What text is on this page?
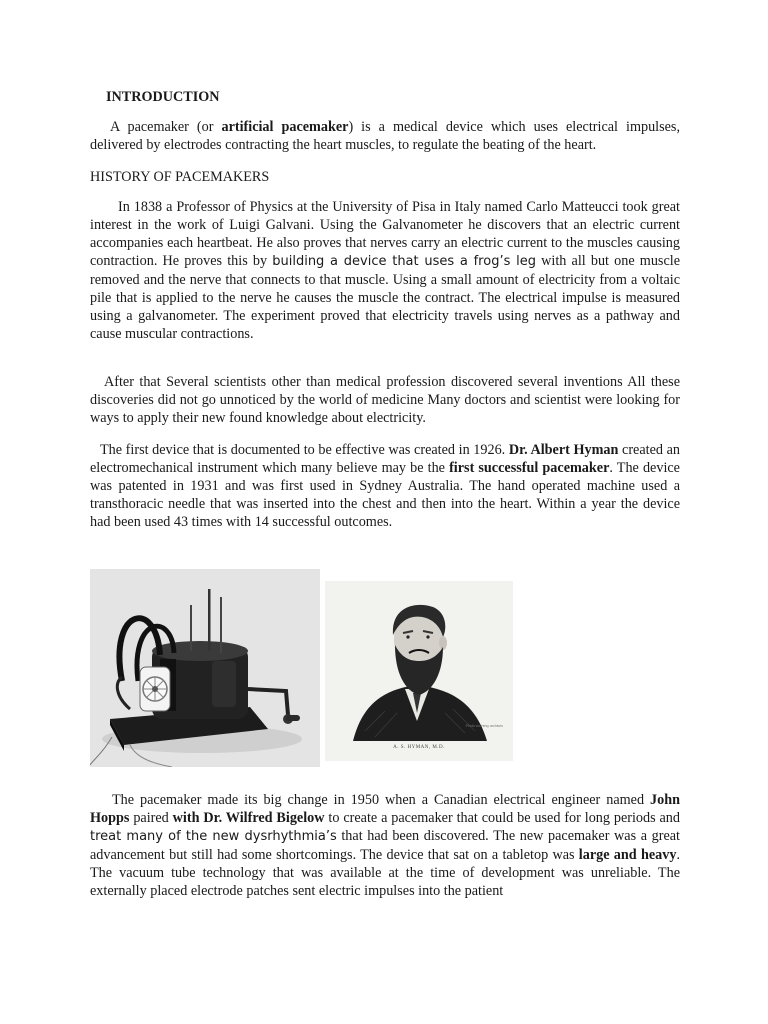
INTRODUCTION

A pacemaker (or artificial pacemaker) is a medical device which uses electrical impulses, delivered by electrodes contracting the heart muscles, to regulate the beating of the heart.

HISTORY OF PACEMAKERS

In 1838 a Professor of Physics at the University of Pisa in Italy named Carlo Matteucci took great interest in the work of Luigi Galvani. Using the Galvanometer he discovers that an electric current accompanies each heartbeat. He also proves that nerves carry an electric current to the muscles causing contraction. He proves this by building a device that uses a frog’s leg with all but one muscle removed and the nerve that connects to that muscle. Using a small amount of electricity from a voltaic pile that is applied to the nerve he causes the muscle the contract. The electrical impulse is measured using a galvanometer. The experiment proved that electricity travels using nerves as a pathway and cause muscular contractions.

After that Several scientists other than medical profession discovered several inventions All these discoveries did not go unnoticed by the world of medicine Many doctors and scientist were looking for ways to apply their new found knowledge about electricity.

The first device that is documented to be effective was created in 1926. Dr. Albert Hyman created an electromechanical instrument which many believe may be the first successful pacemaker. The device was patented in 1931 and was first used in Sydney Australia. The hand operated machine used a transthoracic needle that was inserted into the chest and then into the heart. Within a year the device had been used 43 times with 14 successful outcomes.

Photo courtesy archives
A. S. HYMAN, M.D.

The pacemaker made its big change in 1950 when a Canadian electrical engineer named John Hopps paired with Dr. Wilfred Bigelow to create a pacemaker that could be used for long periods and treat many of the new dysrhythmia’s that had been discovered. The new pacemaker was a great advancement but still had some shortcomings. The device that sat on a tabletop was large and heavy. The vacuum tube technology that was available at the time of development was unreliable. The externally placed electrode patches sent electric impulses into the patient
